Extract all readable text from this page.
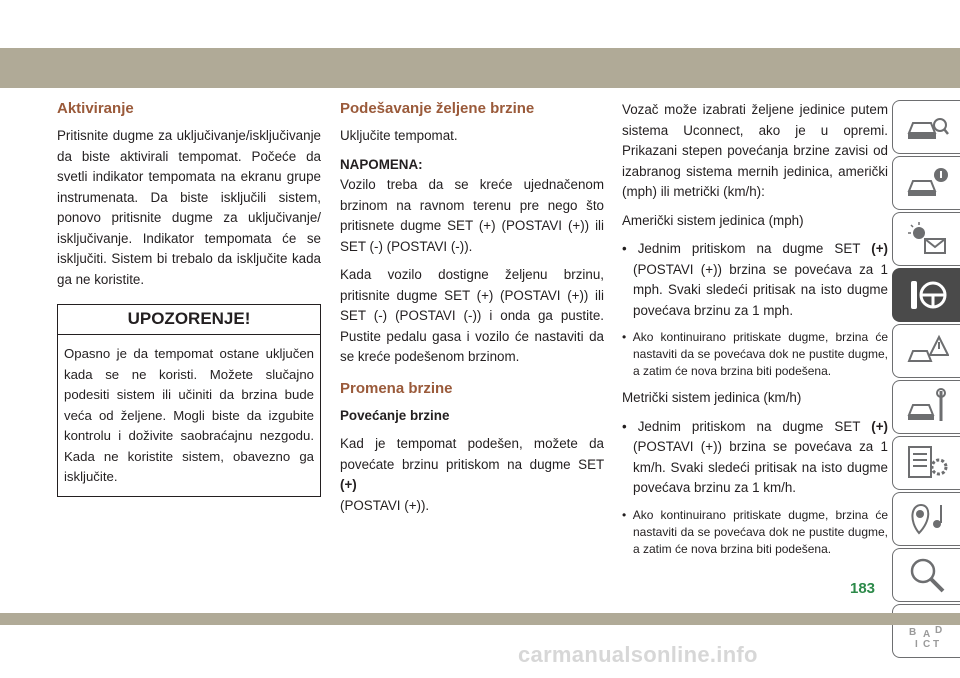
Aktiviranje

Pritisnite dugme za uključivanje/isključivanje da biste aktivirali tempomat. Počeće da svetli indikator tempomata na ekranu grupe instrumenata. Da biste isključili sistem, ponovo pritisnite dugme za uključivanje/ isključivanje. Indikator tempomata će se isključiti. Sistem bi trebalo da isključite kada ga ne koristite.

UPOZORENJE!

Opasno je da tempomat ostane uključen kada se ne koristi. Možete slučajno podesiti sistem ili učiniti da brzina bude veća od željene. Mogli biste da izgubite kontrolu i doživite saobraćajnu nezgodu. Kada ne koristite sistem, obavezno ga isključite.

Podešavanje željene brzine

Uključite tempomat.

NAPOMENA:
Vozilo treba da se kreće ujednačenom brzinom na ravnom terenu pre nego što pritisnete dugme SET (+) (POSTAVI (+)) ili SET (-) (POSTAVI (-)).

Kada vozilo dostigne željenu brzinu, pritisnite dugme SET (+) (POSTAVI (+)) ili SET (-) (POSTAVI (-)) i onda ga pustite. Pustite pedalu gasa i vozilo će nastaviti da se kreće podešenom brzinom.

Promena brzine

Povećanje brzine

Kad je tempomat podešen, možete da povećate brzinu pritiskom na dugme SET (+)
(POSTAVI (+)).

Vozač može izabrati željene jedinice putem sistema Uconnect, ako je u opremi. Prikazani stepen povećanja brzine zavisi od izabranog sistema mernih jedinica, američki (mph) ili metrički (km/h):

Američki sistem jedinica (mph)

• Jednim pritiskom na dugme SET (+) (POSTAVI (+)) brzina se povećava za 1 mph. Svaki sledeći pritisak na isto dugme povećava brzinu za 1 mph.

• Ako kontinuirano pritiskate dugme, brzina će nastaviti da se povećava dok ne pustite dugme, a zatim će nova brzina biti podešena.

Metrički sistem jedinica (km/h)

• Jednim pritiskom na dugme SET (+) (POSTAVI (+)) brzina se povećava za 1 km/h. Svaki sledeći pritisak na isto dugme povećava brzinu za 1 km/h.

• Ako kontinuirano pritiskate dugme, brzina će nastaviti da se povećava dok ne pustite dugme, a zatim će nova brzina biti podešena.

B A D
I C T
183
carmanualsonline.info
